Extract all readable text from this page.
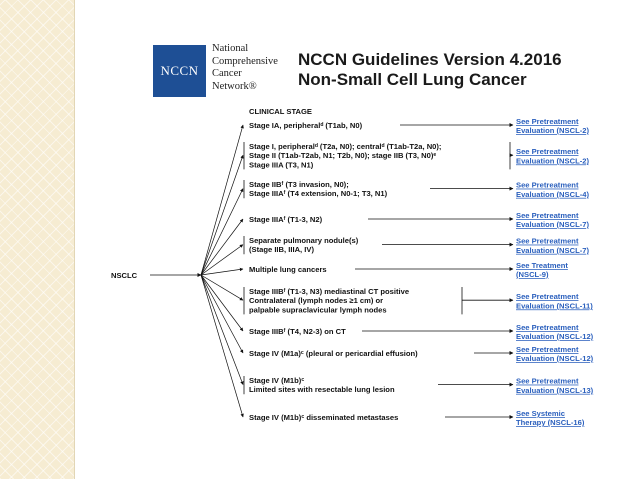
NCCN
National
Comprehensive
Cancer
Network®
NCCN Guidelines Version 4.2016
Non-Small Cell Lung Cancer
CLINICAL STAGE
NSCLC
Stage IA, peripheralᵈ (T1ab, N0)	See Pretreatment Evaluation (NSCL-2)
Stage I, peripheralᵈ (T2a, N0); centralᵈ (T1ab-T2a, N0); Stage II (T1ab-T2ab, N1; T2b, N0); stage IIB (T3, N0)ᵉ Stage IIIA (T3, N1)
See Pretreatment Evaluation (NSCL-2)
Stage IIBᶠ (T3 invasion, N0); Stage IIIAᶠ (T4 extension, N0-1; T3, N1)
See Pretreatment Evaluation (NSCL-4)
Stage IIIAᶠ (T1-3, N2)	See Pretreatment Evaluation (NSCL-7)
Separate pulmonary nodule(s) (Stage IIB, IIIA, IV)
See Pretreatment Evaluation (NSCL-7)
Multiple lung cancers	See Treatment (NSCL-9)
Stage IIIBᶠ (T1-3, N3) mediastinal CT positive Contralateral (lymph nodes ≥1 cm) or palpable supraclavicular lymph nodes
See Pretreatment Evaluation (NSCL-11)
Stage IIIBᶠ (T4, N2-3) on CT	See Pretreatment Evaluation (NSCL-12)
Stage IV (M1a)ᶜ (pleural or pericardial effusion)	See Pretreatment Evaluation (NSCL-12)
Stage IV (M1b)ᶜ Limited sites with resectable lung lesion
See Pretreatment Evaluation (NSCL-13)
Stage IV (M1b)ᶜ disseminated metastases	See Systemic Therapy (NSCL-16)
